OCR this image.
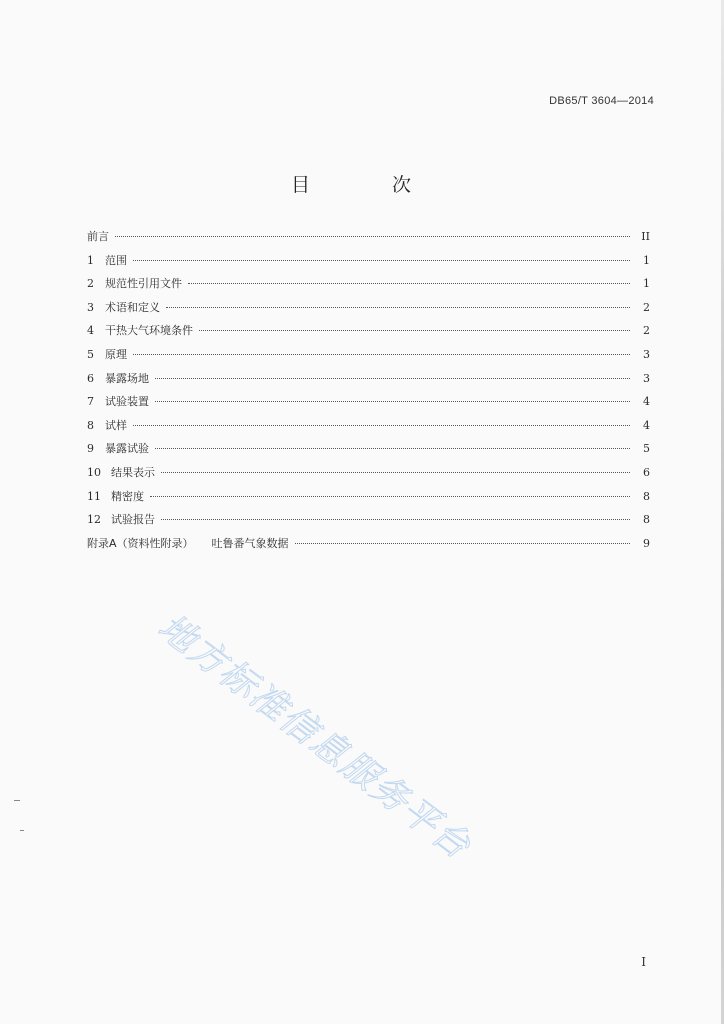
DB65/T 3604—2014
目 次
前言	II
1	范围	1
2	规范性引用文件	1
3	术语和定义	2
4	干热大气环境条件	2
5	原理	3
6	暴露场地	3
7	试验装置	4
8	试样	4
9	暴露试验	5
10 结果表示	6
11 精密度	8
12 试验报告	8
附录A（资料性附录） 吐鲁番气象数据	9
地方标准信息服务平台
I
